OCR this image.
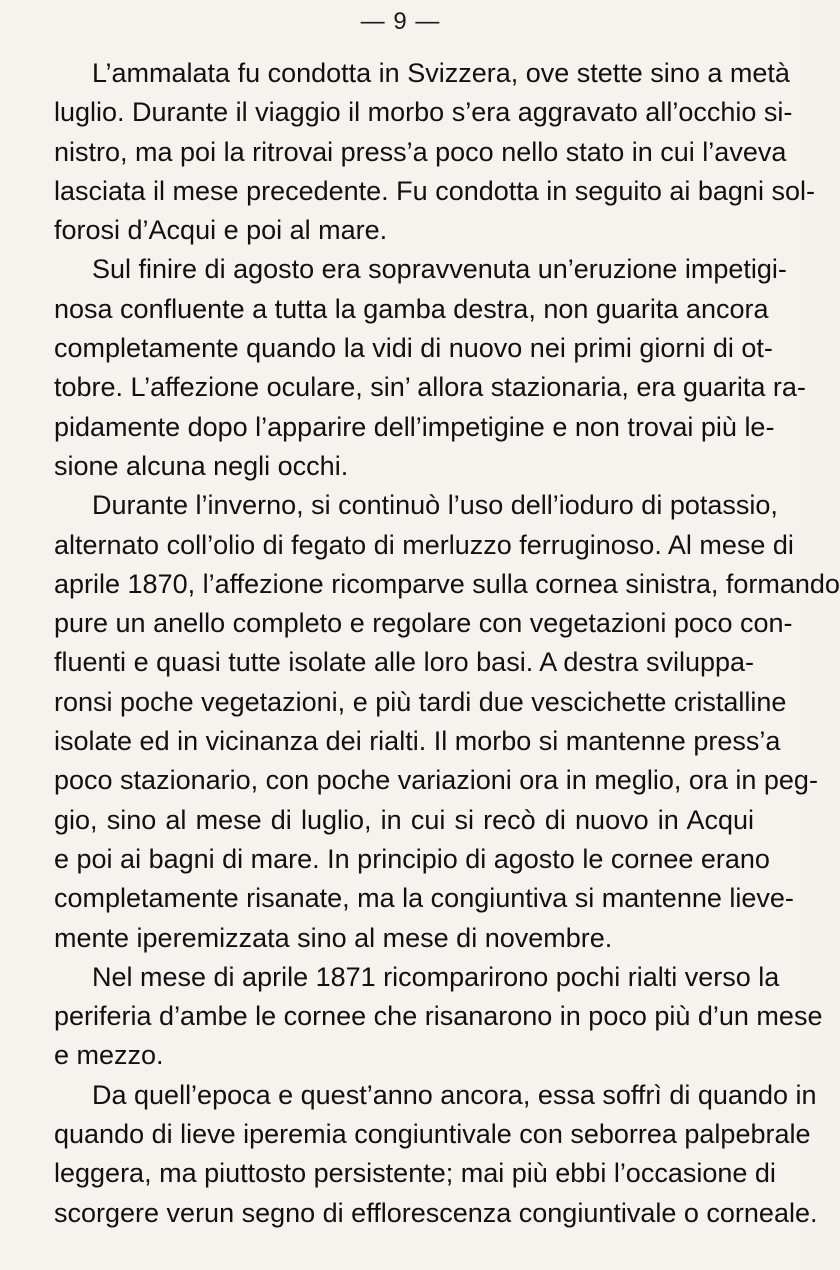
— 9 —
L’ammalata fu condotta in Svizzera, ove stette sino a metà
luglio. Durante il viaggio il morbo s’era aggravato all’occhio si-
nistro, ma poi la ritrovai press’a poco nello stato in cui l’aveva
lasciata il mese precedente. Fu condotta in seguito ai bagni sol-
forosi d’Acqui e poi al mare.
Sul finire di agosto era sopravvenuta un’eruzione impetigi-
nosa confluente a tutta la gamba destra, non guarita ancora
completamente quando la vidi di nuovo nei primi giorni di ot-
tobre. L’affezione oculare, sin’ allora stazionaria, era guarita ra-
pidamente dopo l’apparire dell’impetigine e non trovai più le-
sione alcuna negli occhi.
Durante l’inverno, si continuò l’uso dell’ioduro di potassio,
alternato coll’olio di fegato di merluzzo ferruginoso. Al mese di
aprile 1870, l’affezione ricomparve sulla cornea sinistra, formando
pure un anello completo e regolare con vegetazioni poco con-
fluenti e quasi tutte isolate alle loro basi. A destra sviluppa-
ronsi poche vegetazioni, e più tardi due vescichette cristalline
isolate ed in vicinanza dei rialti. Il morbo si mantenne press’a
poco stazionario, con poche variazioni ora in meglio, ora in peg-
gio, sino al mese di luglio, in cui si recò di nuovo in Acqui
e poi ai bagni di mare. In principio di agosto le cornee erano
completamente risanate, ma la congiuntiva si mantenne lieve-
mente iperemizzata sino al mese di novembre.
Nel mese di aprile 1871 ricomparirono pochi rialti verso la
periferia d’ambe le cornee che risanarono in poco più d’un mese
e mezzo.
Da quell’epoca e quest’anno ancora, essa soffrì di quando in
quando di lieve iperemia congiuntivale con seborrea palpebrale
leggera, ma piuttosto persistente; mai più ebbi l’occasione di
scorgere verun segno di efflorescenza congiuntivale o corneale.
